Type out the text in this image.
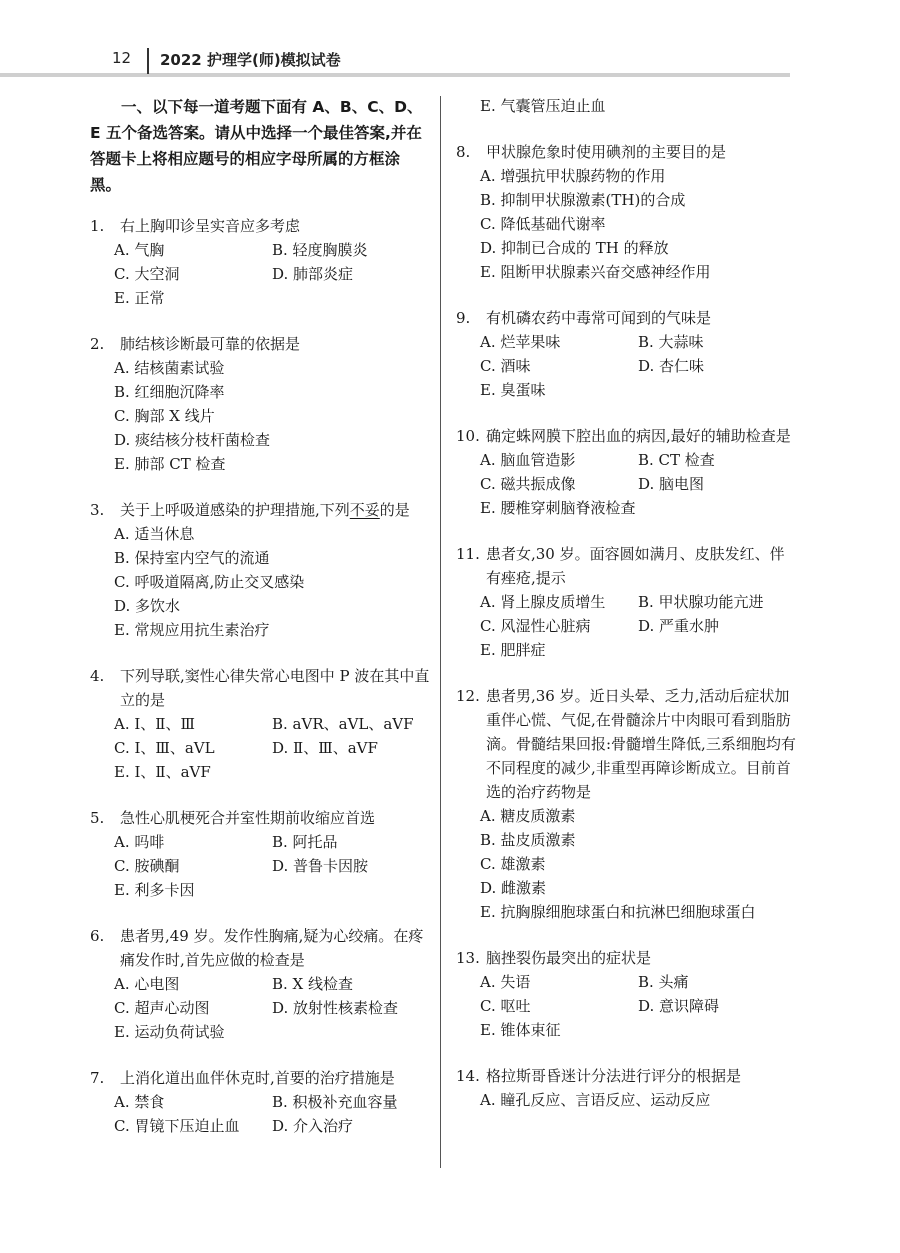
12 2022 护理学(师)模拟试卷

一、以下每一道考题下面有 A、B、C、D、E 五个备选答案。请从中选择一个最佳答案,并在答题卡上将相应题号的相应字母所属的方框涂黑。

1. 右上胸叩诊呈实音应多考虑
A. 气胸	B. 轻度胸膜炎
C. 大空洞	D. 肺部炎症
E. 正常
2. 肺结核诊断最可靠的依据是
A. 结核菌素试验
B. 红细胞沉降率
C. 胸部 X 线片
D. 痰结核分枝杆菌检查
E. 肺部 CT 检查
3. 关于上呼吸道感染的护理措施,下列不妥的是
A. 适当休息
B. 保持室内空气的流通
C. 呼吸道隔离,防止交叉感染
D. 多饮水
E. 常规应用抗生素治疗
4. 下列导联,窦性心律失常心电图中 P 波在其中直立的是
A. Ⅰ、Ⅱ、Ⅲ	B. aVR、aVL、aVF
C. Ⅰ、Ⅲ、aVL	D. Ⅱ、Ⅲ、aVF
E. Ⅰ、Ⅱ、aVF
5. 急性心肌梗死合并室性期前收缩应首选
A. 吗啡	B. 阿托品
C. 胺碘酮	D. 普鲁卡因胺
E. 利多卡因
6. 患者男,49 岁。发作性胸痛,疑为心绞痛。在疼痛发作时,首先应做的检查是
A. 心电图	B. X 线检查
C. 超声心动图	D. 放射性核素检查
E. 运动负荷试验
7. 上消化道出血伴休克时,首要的治疗措施是
A. 禁食	B. 积极补充血容量
C. 胃镜下压迫止血	D. 介入治疗
E. 气囊管压迫止血
8. 甲状腺危象时使用碘剂的主要目的是
A. 增强抗甲状腺药物的作用
B. 抑制甲状腺激素(TH)的合成
C. 降低基础代谢率
D. 抑制已合成的 TH 的释放
E. 阻断甲状腺素兴奋交感神经作用
9. 有机磷农药中毒常可闻到的气味是
A. 烂苹果味	B. 大蒜味
C. 酒味	D. 杏仁味
E. 臭蛋味
10. 确定蛛网膜下腔出血的病因,最好的辅助检查是
A. 脑血管造影	B. CT 检查
C. 磁共振成像	D. 脑电图
E. 腰椎穿刺脑脊液检查
11. 患者女,30 岁。面容圆如满月、皮肤发红、伴有痤疮,提示
A. 肾上腺皮质增生	B. 甲状腺功能亢进
C. 风湿性心脏病	D. 严重水肿
E. 肥胖症
12. 患者男,36 岁。近日头晕、乏力,活动后症状加重伴心慌、气促,在骨髓涂片中肉眼可看到脂肪滴。骨髓结果回报:骨髓增生降低,三系细胞均有不同程度的减少,非重型再障诊断成立。目前首选的治疗药物是
A. 糖皮质激素
B. 盐皮质激素
C. 雄激素
D. 雌激素
E. 抗胸腺细胞球蛋白和抗淋巴细胞球蛋白
13. 脑挫裂伤最突出的症状是
A. 失语	B. 头痛
C. 呕吐	D. 意识障碍
E. 锥体束征
14. 格拉斯哥昏迷计分法进行评分的根据是
A. 瞳孔反应、言语反应、运动反应
